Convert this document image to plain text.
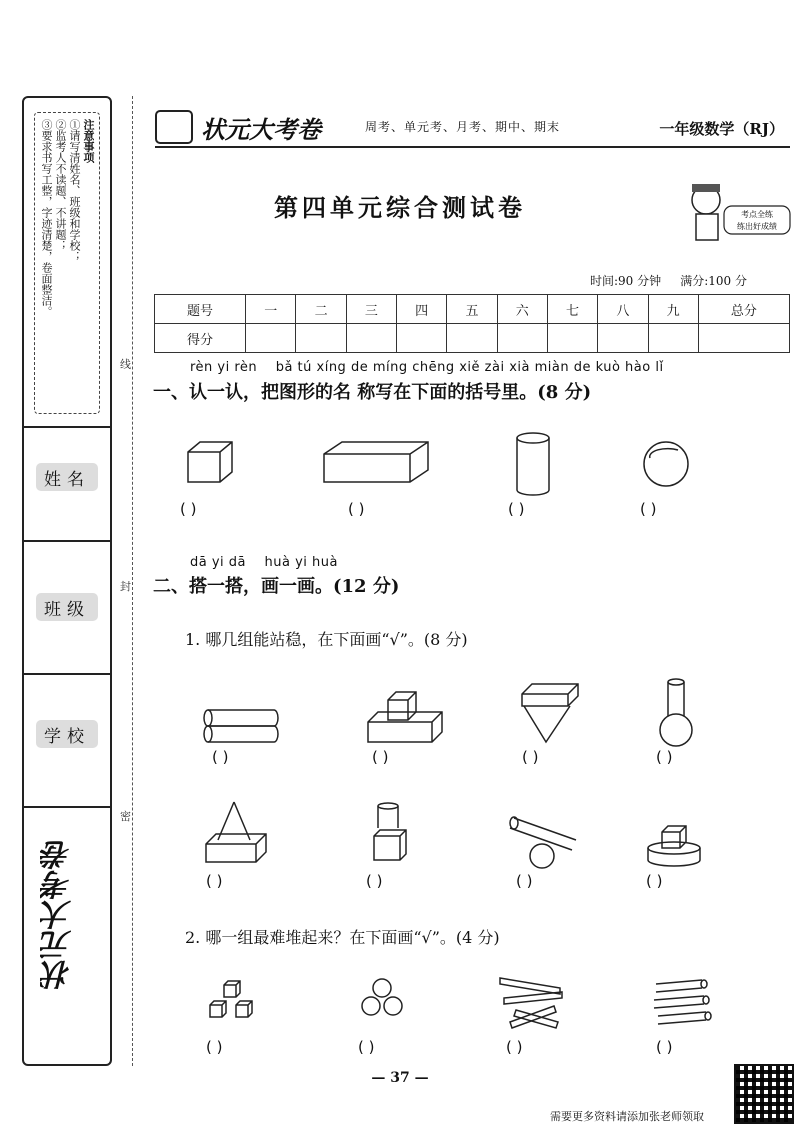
注意事项
①请写清姓名、班级和学校；
②监考人不读题、不讲题；
③要求书写工整，字迹清楚，卷面整洁。
姓名
班级
学校
状元大考卷
线
封
密
状元大考卷	周考、单元考、月考、期中、期末	一年级数学（RJ）
第四单元综合测试卷	考点全练
练出好成绩
时间:90 分钟 满分:100 分
题号	一	二	三	四	五	六	七	八	九	总分
得分										
rèn yi rèn    bǎ tú xíng de míng chēng xiě zài xià miàn de kuò hào lǐ
一、认一认，把图形的名 称写在下面的括号里。(8 分)
( )	( )	( )	( )
dā yi dā    huà yi huà
二、搭一搭，画一画。(12 分)
1. 哪几组能站稳，在下面画“√”。(8 分)
( )	( )	( )	( )
( )	( )	( )	( )
2. 哪一组最难堆起来？在下面画“√”。(4 分)
( )	( )	( )	( )
— 37 —
需要更多资料请添加张老师领取
